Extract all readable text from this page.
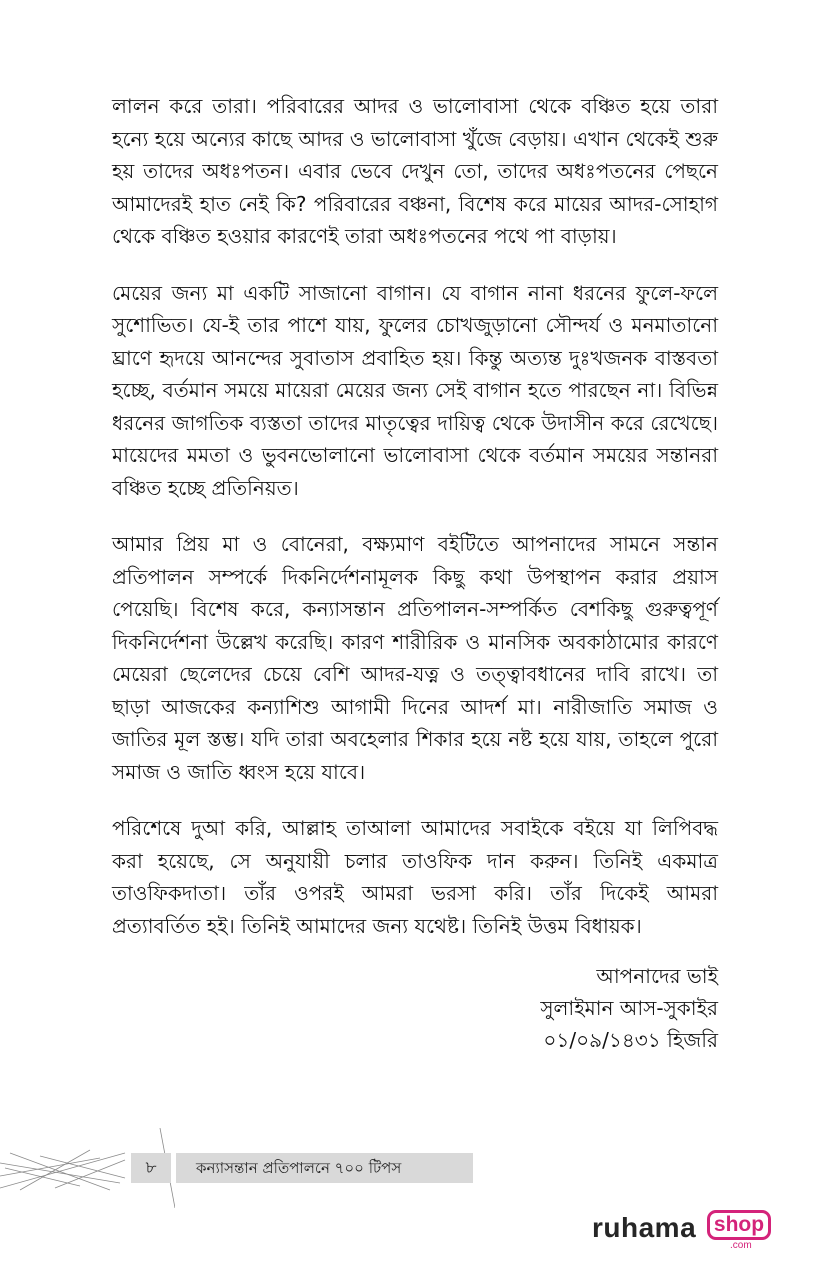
লালন করে তারা। পরিবারের আদর ও ভালোবাসা থেকে বঞ্চিত হয়ে তারা হন্যে হয়ে অন্যের কাছে আদর ও ভালোবাসা খুঁজে বেড়ায়। এখান থেকেই শুরু হয় তাদের অধঃপতন। এবার ভেবে দেখুন তো, তাদের অধঃপতনের পেছনে আমাদেরই হাত নেই কি? পরিবারের বঞ্চনা, বিশেষ করে মায়ের আদর-সোহাগ থেকে বঞ্চিত হওয়ার কারণেই তারা অধঃপতনের পথে পা বাড়ায়।

মেয়ের জন্য মা একটি সাজানো বাগান। যে বাগান নানা ধরনের ফুলে-ফলে সুশোভিত। যে-ই তার পাশে যায়, ফুলের চোখজুড়ানো সৌন্দর্য ও মনমাতানো ঘ্রাণে হৃদয়ে আনন্দের সুবাতাস প্রবাহিত হয়। কিন্তু অত্যন্ত দুঃখজনক বাস্তবতা হচ্ছে, বর্তমান সময়ে মায়েরা মেয়ের জন্য সেই বাগান হতে পারছেন না। বিভিন্ন ধরনের জাগতিক ব্যস্ততা তাদের মাতৃত্বের দায়িত্ব থেকে উদাসীন করে রেখেছে। মায়েদের মমতা ও ভুবনভোলানো ভালোবাসা থেকে বর্তমান সময়ের সন্তানরা বঞ্চিত হচ্ছে প্রতিনিয়ত।

আমার প্রিয় মা ও বোনেরা, বক্ষ্যমাণ বইটিতে আপনাদের সামনে সন্তান প্রতিপালন সম্পর্কে দিকনির্দেশনামূলক কিছু কথা উপস্থাপন করার প্রয়াস পেয়েছি। বিশেষ করে, কন্যাসন্তান প্রতিপালন-সম্পর্কিত বেশকিছু গুরুত্বপূর্ণ দিকনির্দেশনা উল্লেখ করেছি। কারণ শারীরিক ও মানসিক অবকাঠামোর কারণে মেয়েরা ছেলেদের চেয়ে বেশি আদর-যত্ন ও তত্ত্বাবধানের দাবি রাখে। তা ছাড়া আজকের কন্যাশিশু আগামী দিনের আদর্শ মা। নারীজাতি সমাজ ও জাতির মূল স্তম্ভ। যদি তারা অবহেলার শিকার হয়ে নষ্ট হয়ে যায়, তাহলে পুরো সমাজ ও জাতি ধ্বংস হয়ে যাবে।

পরিশেষে দুআ করি, আল্লাহ তাআলা আমাদের সবাইকে বইয়ে যা লিপিবদ্ধ করা হয়েছে, সে অনুযায়ী চলার তাওফিক দান করুন। তিনিই একমাত্র তাওফিকদাতা। তাঁর ওপরই আমরা ভরসা করি। তাঁর দিকেই আমরা প্রত্যাবর্তিত হই। তিনিই আমাদের জন্য যথেষ্ট। তিনিই উত্তম বিধায়ক।

আপনাদের ভাই
সুলাইমান আস-সুকাইর
০১/০৯/১৪৩১ হিজরি
৮	কন্যাসন্তান প্রতিপালনে ৭০০ টিপস
ruhama shop
.com
